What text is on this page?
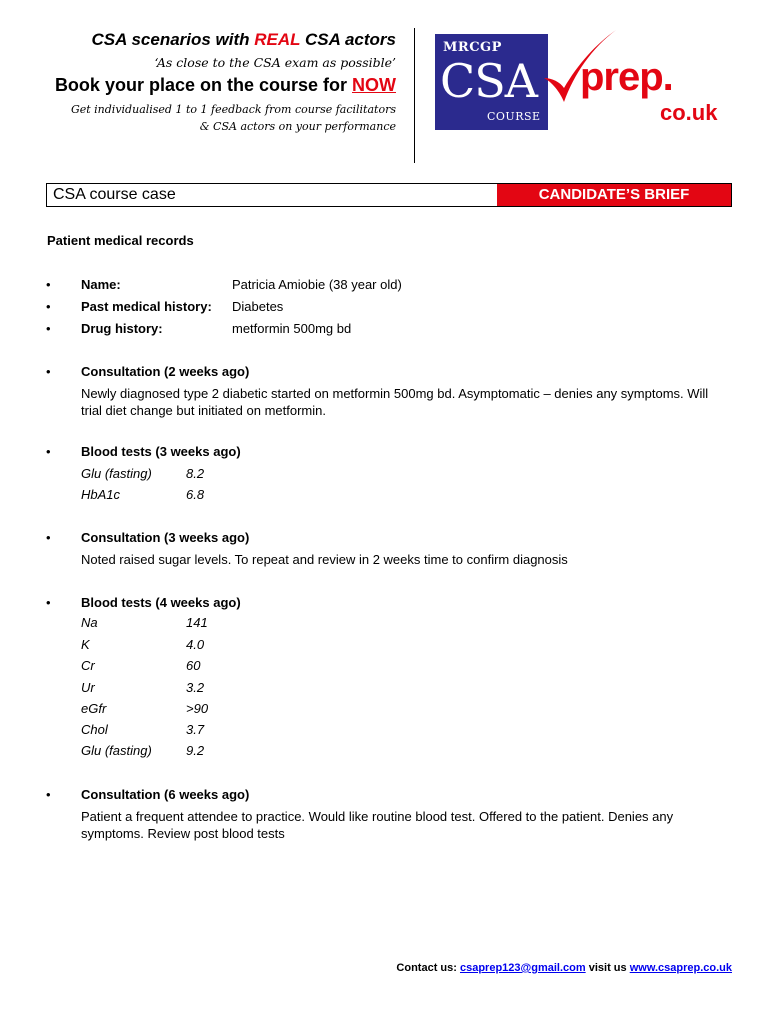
CSA scenarios with REAL CSA actors
‘As close to the CSA exam as possible’
Book your place on the course for NOW
Get individualised 1 to 1 feedback from course facilitators
& CSA actors on your performance
MRCGP
CSA
COURSE
prep.
co.uk
CSA course case	CANDIDATE’S BRIEF
Patient medical records
• Name:	Patricia Amiobie (38 year old)
• Past medical history: Diabetes
• Drug history:	metformin 500mg bd
• Consultation (2 weeks ago)
Newly diagnosed type 2 diabetic started on metformin 500mg bd. Asymptomatic – denies any symptoms. Will trial diet change but initiated on metformin.
• Blood tests (3 weeks ago)
Glu (fasting)	8.2
HbA1c	6.8
• Consultation (3 weeks ago)
Noted raised sugar levels. To repeat and review in 2 weeks time to confirm diagnosis
• Blood tests (4 weeks ago)
Na	141
K	4.0
Cr	60
Ur	3.2
eGfr	>90
Chol	3.7
Glu (fasting)	9.2
• Consultation (6 weeks ago)
Patient a frequent attendee to practice. Would like routine blood test. Offered to the patient. Denies any symptoms. Review post blood tests
Contact us: csaprep123@gmail.com visit us www.csaprep.co.uk
